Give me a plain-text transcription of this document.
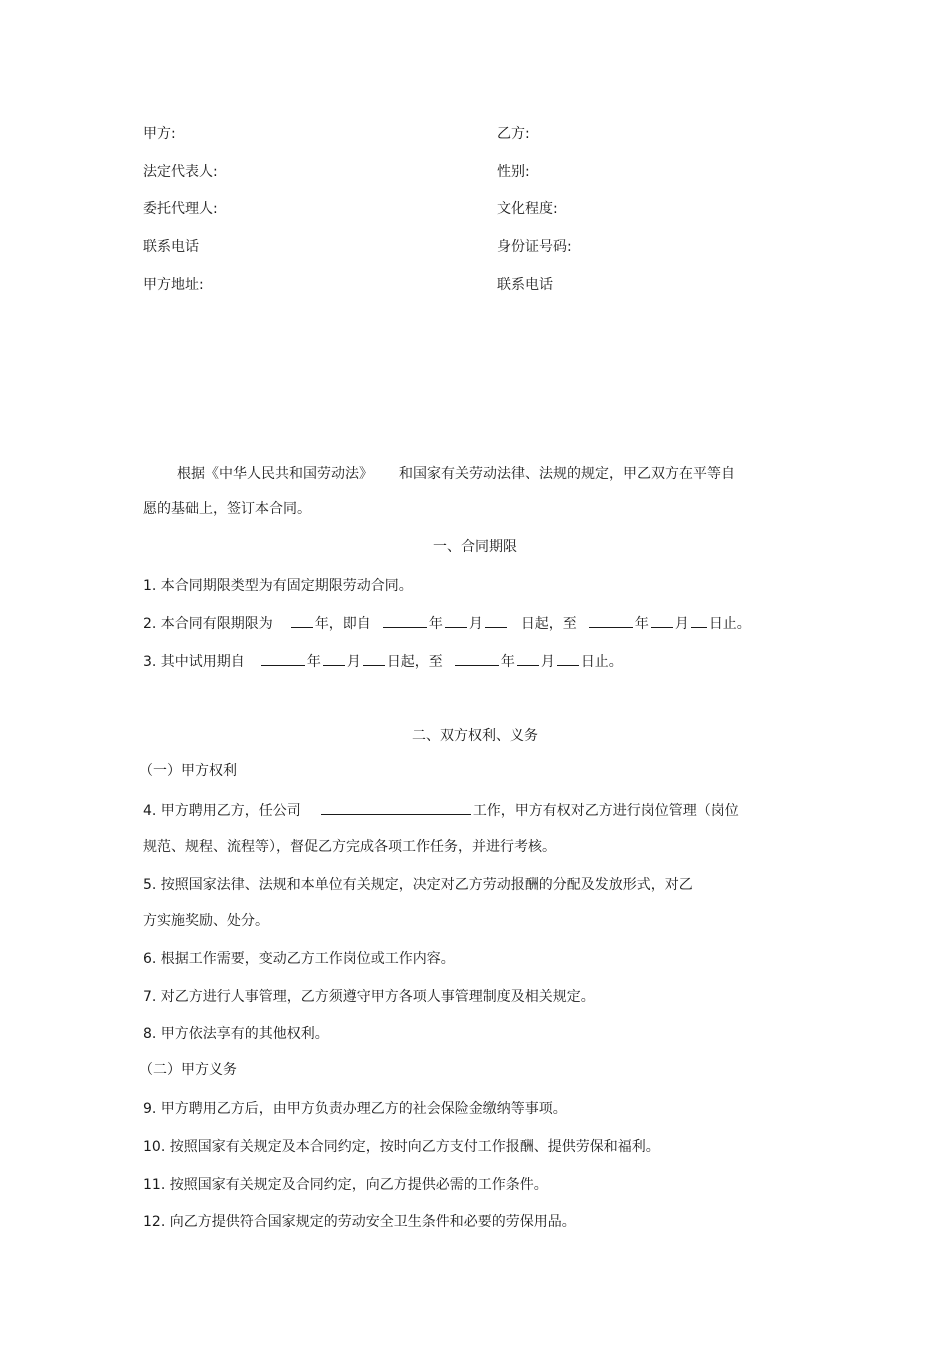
甲方:	乙方:
法定代表人:	性别:
委托代理人:	文化程度:
联系电话	身份证号码:
甲方地址:	联系电话
根据《中华人民共和国劳动法》 和国家有关劳动法律、法规的规定，甲乙双方在平等自
愿的基础上，签订本合同。
一、合同期限
1. 本合同期限类型为有固定期限劳动合同。
2. 本合同有限期限为	年，即自	年 月	日起，至	年 月 日止。
3. 其中试用期自	年 月 日起，至	年 月 日止。
二、双方权利、义务
（一）甲方权利
4. 甲方聘用乙方，任公司	工作，甲方有权对乙方进行岗位管理（岗位
规范、规程、流程等），督促乙方完成各项工作任务，并进行考核。
5. 按照国家法律、法规和本单位有关规定，决定对乙方劳动报酬的分配及发放形式，对乙
方实施奖励、处分。
6. 根据工作需要，变动乙方工作岗位或工作内容。
7. 对乙方进行人事管理，乙方须遵守甲方各项人事管理制度及相关规定。
8. 甲方依法享有的其他权利。
（二）甲方义务
9. 甲方聘用乙方后，由甲方负责办理乙方的社会保险金缴纳等事项。
10. 按照国家有关规定及本合同约定，按时向乙方支付工作报酬、提供劳保和福利。
11. 按照国家有关规定及合同约定，向乙方提供必需的工作条件。
12. 向乙方提供符合国家规定的劳动安全卫生条件和必要的劳保用品。
